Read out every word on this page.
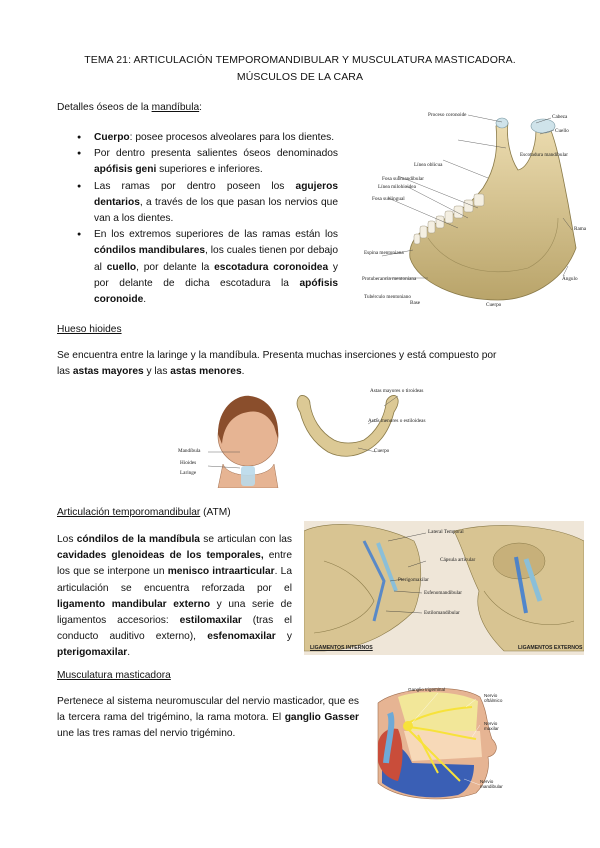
TEMA 21: ARTICULACIÓN TEMPOROMANDIBULAR Y MUSCULATURA MASTICADORA.
MÚSCULOS DE LA CARA
Detalles óseos de la mandíbula:
● Cuerpo: posee procesos alveolares para los dientes.
● Por dentro presenta salientes óseos denominados apófisis geni superiores e inferiores.
● Las ramas por dentro poseen los agujeros dentarios, a través de los que pasan los nervios que van a los dientes.
● En los extremos superiores de las ramas están los cóndilos mandibulares, los cuales tienen por debajo al cuello, por delante la escotadura coronoidea y por delante de dicha escotadura la apófisis coronoide.
Proceso coronoide	Cabeza
Cuello
Escotadura mandibular
Línea oblicua
Fosa submandibular
Línea milohioidea
Fosa sublingual
Espina mentoniana
Rama
Ángulo
Protuberancia mentoniana
Tubérculo mentoniano
Base	Cuerpo
Hueso hioides
Se encuentra entre la laringe y la mandíbula. Presenta muchas inserciones y está compuesto por
las astas mayores y las astas menores.
Astas mayores o tiroideas
Astas menores o estiloideas
Cuerpo
Mandíbula
Hioides
Laringe
Articulación temporomandibular (ATM)
Los cóndilos de la mandíbula se articulan con las cavidades glenoideas de los temporales, entre los que se interpone un menisco intraarticular. La articulación se encuentra reforzada por el ligamento mandibular externo y una serie de ligamentos accesorios: estilomaxilar (tras el conducto auditivo externo), esfenomaxilar y pterigomaxilar.
Lateral Temporal
Cápsula articular
Pterigomaxilar
Esfenomandibular
Estilomandibular
LIGAMENTOS INTERNOS	LIGAMENTOS EXTERNOS
Musculatura masticadora
Pertenece al sistema neuromuscular del nervio masticador, que es la tercera rama del trigémino, la rama motora. El ganglio Gasser une las tres ramas del nervio trigémino.
Ganglio trigeminal
Nervio oftálmico
Nervio maxilar
Nervio mandibular
